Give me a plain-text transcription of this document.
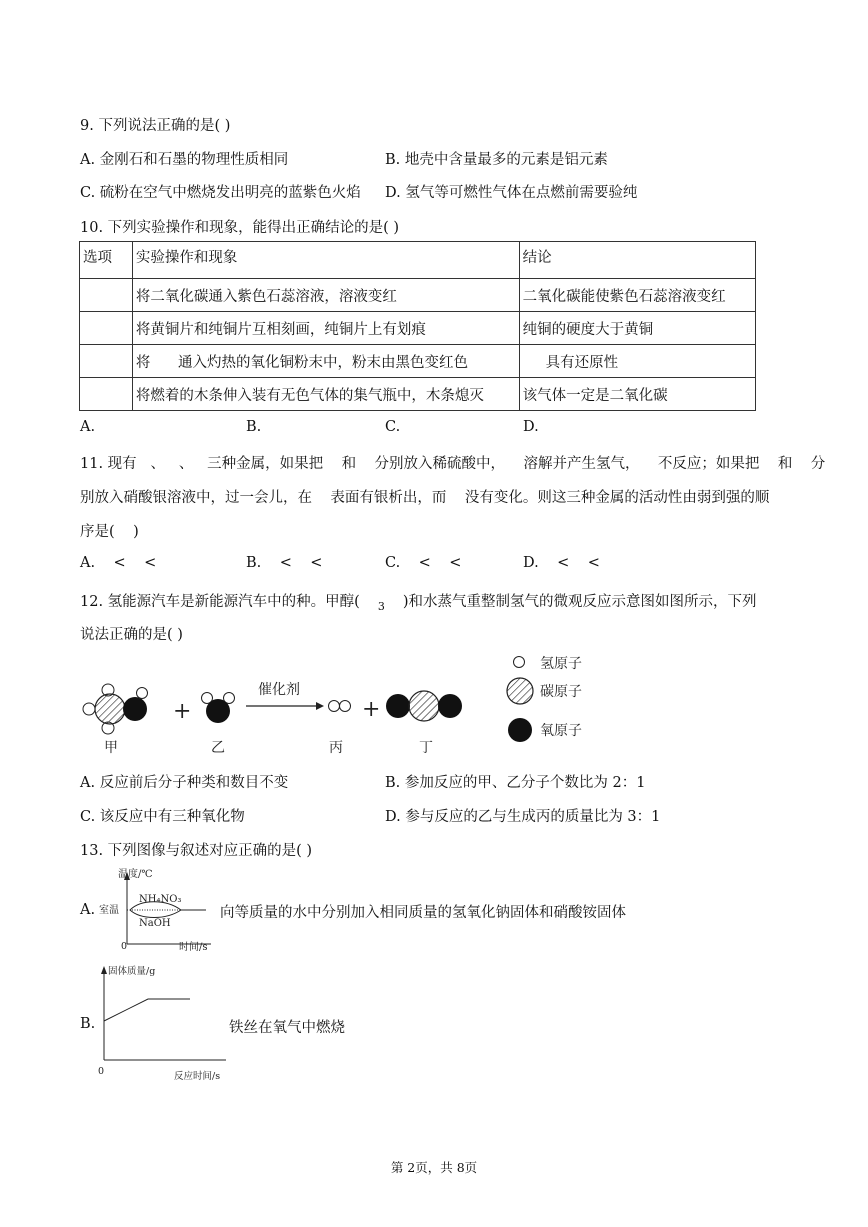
9. 下列说法正确的是( )
A. 金刚石和石墨的物理性质相同	B. 地壳中含量最多的元素是铝元素
C. 硫粉在空气中燃烧发出明亮的蓝紫色火焰 D. 氢气等可燃性气体在点燃前需要验纯
10. 下列实验操作和现象，能得出正确结论的是( )
选项	实验操作和现象	结论
	将二氧化碳通入紫色石蕊溶液，溶液变红	二氧化碳能使紫色石蕊溶液变红
	将黄铜片和纯铜片互相刻画，纯铜片上有划痕	纯铜的硬度大于黄铜
	将      通入灼热的氧化铜粉末中，粉末由黑色变红色	具有还原性
	将燃着的木条伸入装有无色气体的集气瓶中，木条熄灭	该气体一定是二氧化碳
A.	B.	C.	D.
11. 现有   、   、   三种金属，如果把    和    分别放入稀硫酸中，    溶解并产生氢气，    不反应；如果把    和    分
别放入硝酸银溶液中，过一会儿，在    表面有银析出，而    没有变化。则这三种金属的活动性由弱到强的顺
序是(    )
A.    <    <	B.    <    <	C.    <    <	D.    <    <
12. 氢能源汽车是新能源汽车中的种。甲醇( $_3$ )和水蒸气重整制氢气的微观反应示意图如图所示，下列
说法正确的是( )
+
催化剂
+
甲	乙	丙	丁
氢原子
碳原子
氧原子
A. 反应前后分子种类和数目不变	B. 参加反应的甲、乙分子个数比为 2：1
C. 该反应中有三种氧化物	D. 参与反应的乙与生成丙的质量比为 3：1
13. 下列图像与叙述对应正确的是( )
A.
温度/℃
室温
NH₄NO₃
NaOH
0	时间/s
向等质量的水中分别加入相同质量的氢氧化钠固体和硝酸铵固体
B.
固体质量/g
0	反应时间/s
铁丝在氧气中燃烧
第 2页，共 8页
